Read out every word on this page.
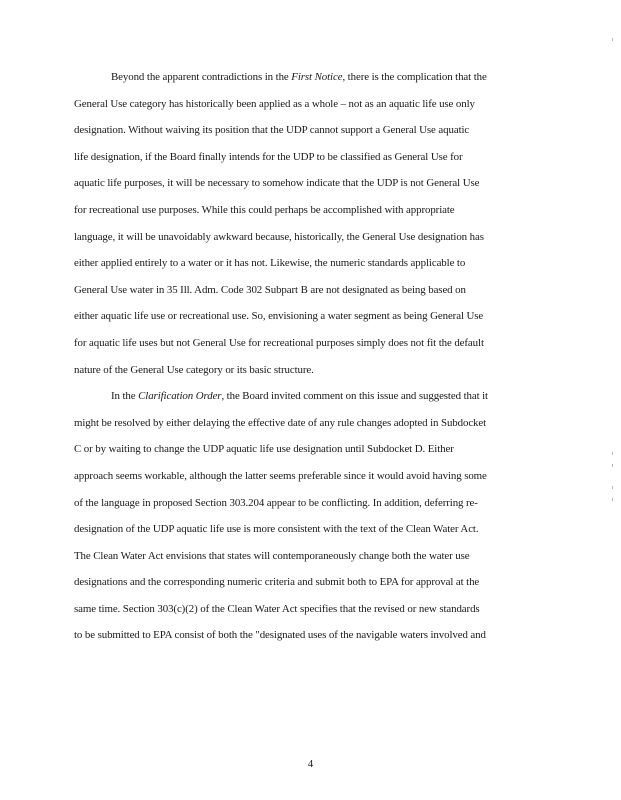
Beyond the apparent contradictions in the First Notice, there is the complication that the
General Use category has historically been applied as a whole – not as an aquatic life use only
designation. Without waiving its position that the UDP cannot support a General Use aquatic
life designation, if the Board finally intends for the UDP to be classified as General Use for
aquatic life purposes, it will be necessary to somehow indicate that the UDP is not General Use
for recreational use purposes. While this could perhaps be accomplished with appropriate
language, it will be unavoidably awkward because, historically, the General Use designation has
either applied entirely to a water or it has not. Likewise, the numeric standards applicable to
General Use water in 35 Ill. Adm. Code 302 Subpart B are not designated as being based on
either aquatic life use or recreational use. So, envisioning a water segment as being General Use
for aquatic life uses but not General Use for recreational purposes simply does not fit the default
nature of the General Use category or its basic structure.

In the Clarification Order, the Board invited comment on this issue and suggested that it
might be resolved by either delaying the effective date of any rule changes adopted in Subdocket
C or by waiting to change the UDP aquatic life use designation until Subdocket D. Either
approach seems workable, although the latter seems preferable since it would avoid having some
of the language in proposed Section 303.204 appear to be conflicting. In addition, deferring re-
designation of the UDP aquatic life use is more consistent with the text of the Clean Water Act.
The Clean Water Act envisions that states will contemporaneously change both the water use
designations and the corresponding numeric criteria and submit both to EPA for approval at the
same time. Section 303(c)(2) of the Clean Water Act specifies that the revised or new standards
to be submitted to EPA consist of both the "designated uses of the navigable waters involved and

4
